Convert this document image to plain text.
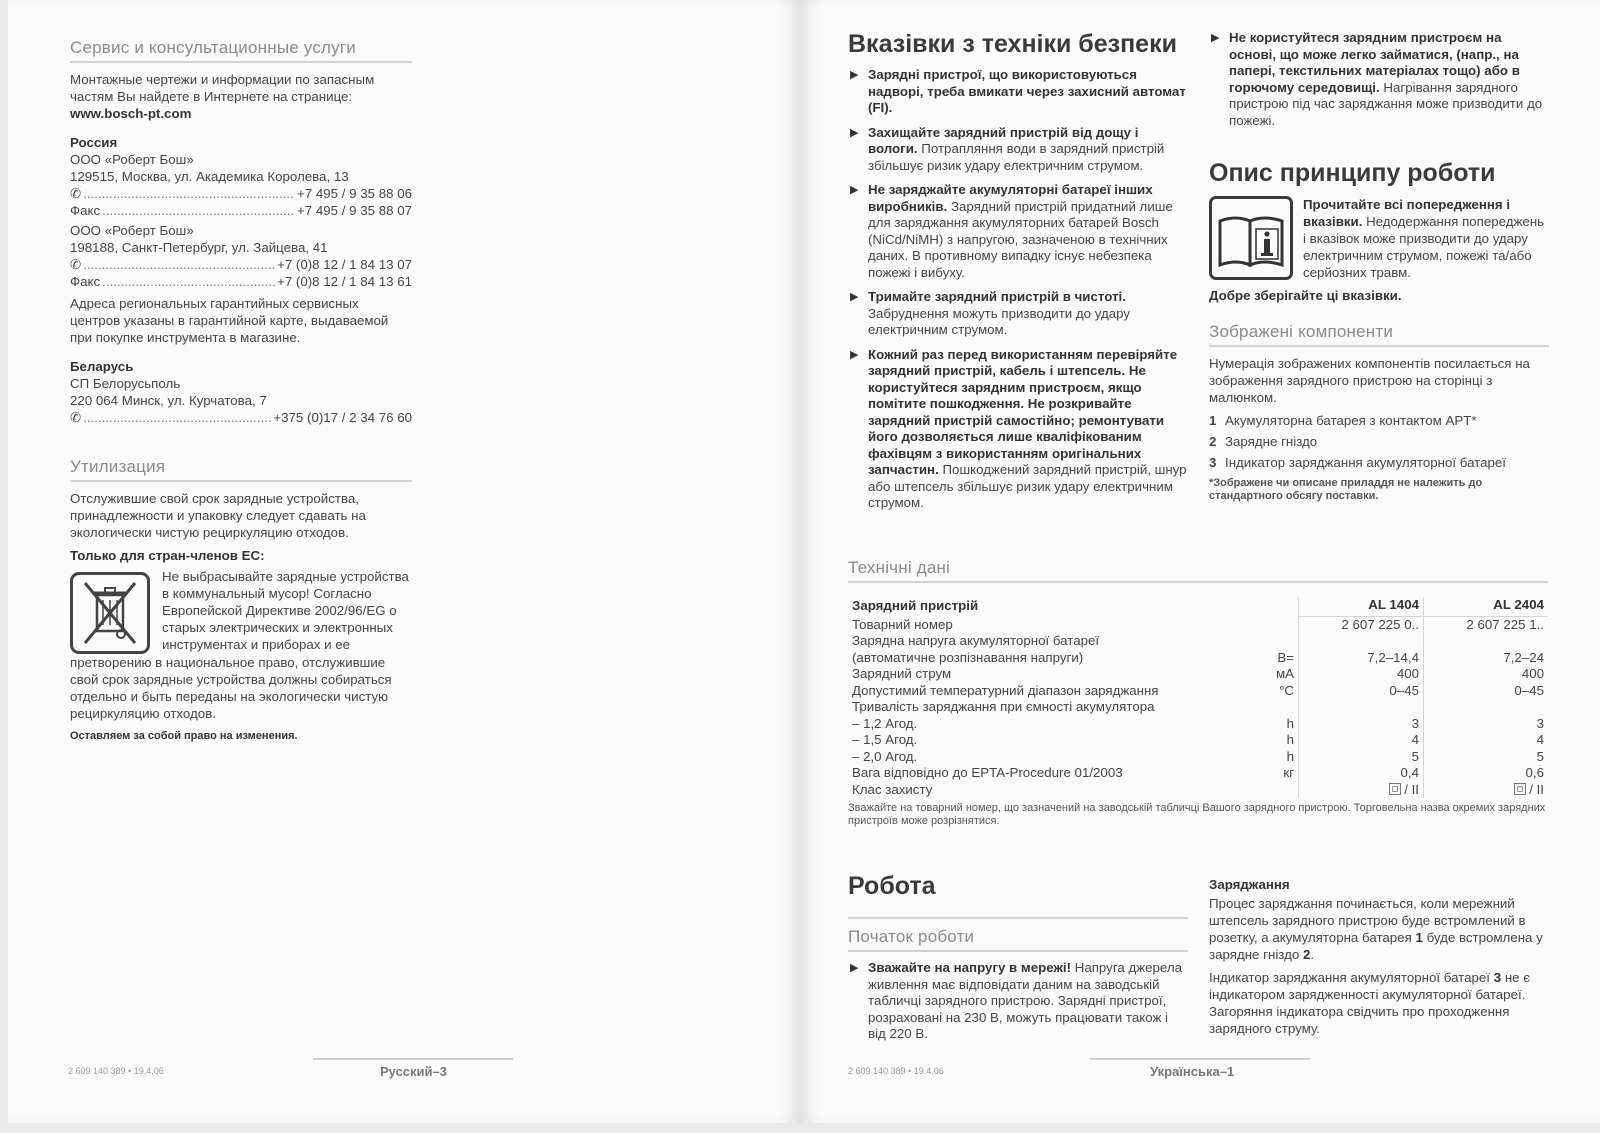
Сервис и консультационные услуги
Монтажные чертежи и информации по запасным частям Вы найдете в Интернете на странице:
www.bosch-pt.com
Россия
ООО «Роберт Бош»
129515, Москва, ул. Академика Королева, 13
✆ .....	+7 495 / 9 35 88 06
Факс .....	+7 495 / 9 35 88 07
ООО «Роберт Бош»
198188, Санкт-Петербург, ул. Зайцева, 41
✆ .....	+7 (0)8 12 / 1 84 13 07
Факс .....	+7 (0)8 12 / 1 84 13 61
Адреса региональных гарантийных сервисных центров указаны в гарантийной карте, выдаваемой при покупке инструмента в магазине.
Беларусь
СП Белорусьполь
220 064 Минск, ул. Курчатова, 7
✆ .....	+375 (0)17 / 2 34 76 60
Утилизация
Отслужившие свой срок зарядные устройства, принадлежности и упаковку следует сдавать на экологически чистую рециркуляцию отходов.
Только для стран-членов ЕС:
Не выбрасывайте зарядные устройства в коммунальный мусор! Согласно Европейской Директиве 2002/96/EG о старых электрических и электронных инструментах и приборах и ее
претворению в национальное право, отслужившие свой срок зарядные устройства должны собираться отдельно и быть переданы на экологически чистую рециркуляцию отходов.
Оставляем за собой право на изменения.
2 609 140 389 • 19.4.06	Русский–3
Вказівки з техніки безпеки
▶ Зарядні пристрої, що використовуються надворі, треба вмикати через захисний автомат (FI).
▶ Захищайте зарядний пристрій від дощу і вологи. Потрапляння води в зарядний пристрій збільшує ризик удару електричним струмом.
▶ Не заряджайте акумуляторні батареї інших виробників. Зарядний пристрій придатний лише для заряджання акумуляторних батарей Bosch (NiCd/NiMH) з напругою, зазначеною в технічних даних. В противному випадку існує небезпека пожежі і вибуху.
▶ Тримайте зарядний пристрій в чистоті. Забруднення можуть призводити до удару електричним струмом.
▶ Кожний раз перед використанням перевіряйте зарядний пристрій, кабель і штепсель. Не користуйтеся зарядним пристроєм, якщо помітите пошкодження. Не розкривайте зарядний пристрій самостійно; ремонтувати його дозволяється лише кваліфікованим фахівцям з використанням оригінальних запчастин. Пошкоджений зарядний пристрій, шнур або штепсель збільшує ризик удару електричним струмом.
▶ Не користуйтеся зарядним пристроєм на основі, що може легко займатися, (напр., на папері, текстильних матеріалах тощо) або в горючому середовищі. Нагрівання зарядного пристрою під час заряджання може призводити до пожежі.
Опис принципу роботи
Прочитайте всі попередження і вказівки. Недодержання попереджень і вказівок може призводити до удару електричним струмом, пожежі та/або серйозних травм.
Добре зберігайте ці вказівки.
Зображені компоненти
Нумерація зображених компонентів посилається на зображення зарядного пристрою на сторінці з малюнком.
1 Акумуляторна батарея з контактом APT*
2 Зарядне гніздо
3 Індикатор заряджання акумуляторної батареї
*Зображене чи описане приладдя не належить до стандартного обсягу поставки.
Технічні дані
Зарядний пристрій		AL 1404	AL 2404
Товарний номер		2 607 225 0..	2 607 225 1..
Зарядна напруга акумуляторної батареї			
(автоматичне розпізнавання напруги)	В=	7,2–14,4	7,2–24
Зарядний струм	мА	400	400
Допустимий температурний діапазон заряджання	°C	0–45	0–45
Тривалість заряджання при ємності акумулятора			
– 1,2 Агод.	h	3	3
– 1,5 Агод.	h	4	4
– 2,0 Агод.	h	5	5
Вага відповідно до EPTA-Procedure 01/2003	кг	0,4	0,6
Клас захисту		/ II	/ II
Зважайте на товарний номер, що зазначений на заводській табличці Вашого зарядного пристрою. Торговельна назва окремих зарядних пристроїв може розрізнятися.
Робота
Початок роботи
▶ Зважайте на напругу в мережі! Напруга джерела живлення має відповідати даним на заводській табличці зарядного пристрою. Зарядні пристрої, розраховані на 230 В, можуть працювати також і від 220 В.
Заряджання
Процес заряджання починається, коли мережний штепсель зарядного пристрою буде встромлений в розетку, а акумуляторна батарея 1 буде встромлена у зарядне гніздо 2.
Індикатор заряджання акумуляторної батареї 3 не є індикатором зарядженності акумуляторної батареї. Загоряння індикатора свідчить про проходження зарядного струму.
2 609 140 389 • 19.4.06	Українська–1
